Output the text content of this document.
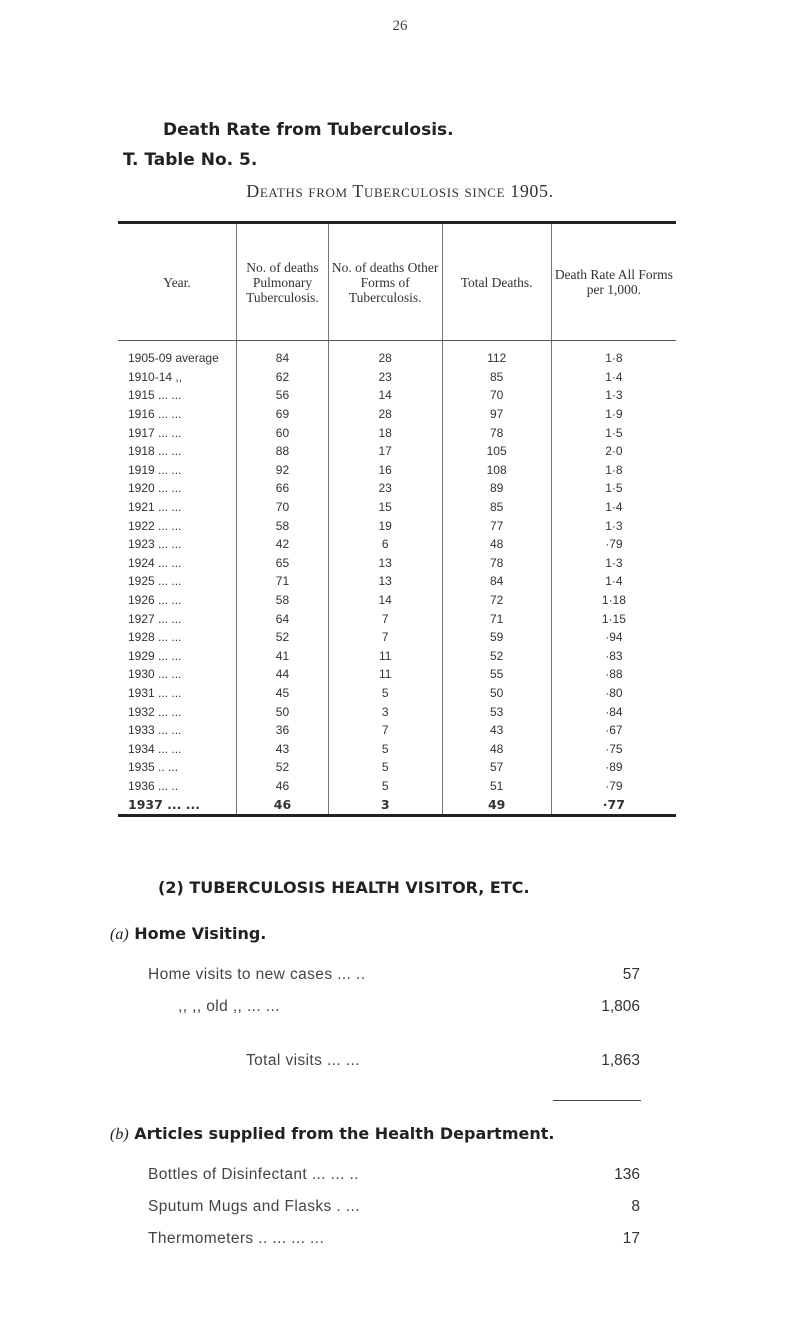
26
Death Rate from Tuberculosis.
T. Table No. 5.
Deaths from Tuberculosis since 1905.
Year.	No. of deaths Pulmonary Tuberculosis.	No. of deaths Other Forms of Tuberculosis.	Total Deaths.	Death Rate All Forms per 1,000.
1905-09 average	84	28	112	1·8
1910-14 ,,	62	23	85	1·4
1915 ... ...	56	14	70	1·3
1916 ... ...	69	28	97	1·9
1917 ... ...	60	18	78	1·5
1918 ... ...	88	17	105	2·0
1919 ... ...	92	16	108	1·8
1920 ... ...	66	23	89	1·5
1921 ... ...	70	15	85	1·4
1922 ... ...	58	19	77	1·3
1923 ... ...	42	6	48	·79
1924 ... ...	65	13	78	1·3
1925 ... ...	71	13	84	1·4
1926 ... ...	58	14	72	1·18
1927 ... ...	64	7	71	1·15
1928 ... ...	52	7	59	·94
1929 ... ...	41	11	52	·83
1930 ... ...	44	11	55	·88
1931 ... ...	45	5	50	·80
1932 ... ...	50	3	53	·84
1933 ... ...	36	7	43	·67
1934 ... ...	43	5	48	·75
1935 .. ...	52	5	57	·89
1936 ... ..	46	5	51	·79
1937 ... ...	46	3	49	·77
(2) TUBERCULOSIS HEALTH VISITOR, ETC.
(a) Home Visiting.
Home visits to new cases ... ..	57
,, ,, old ,, ... ...	1,806
Total visits ... ...	1,863
(b) Articles supplied from the Health Department.
Bottles of Disinfectant ... ... ..	136
Sputum Mugs and Flasks . ...	8
Thermometers .. ... ... ...	17
